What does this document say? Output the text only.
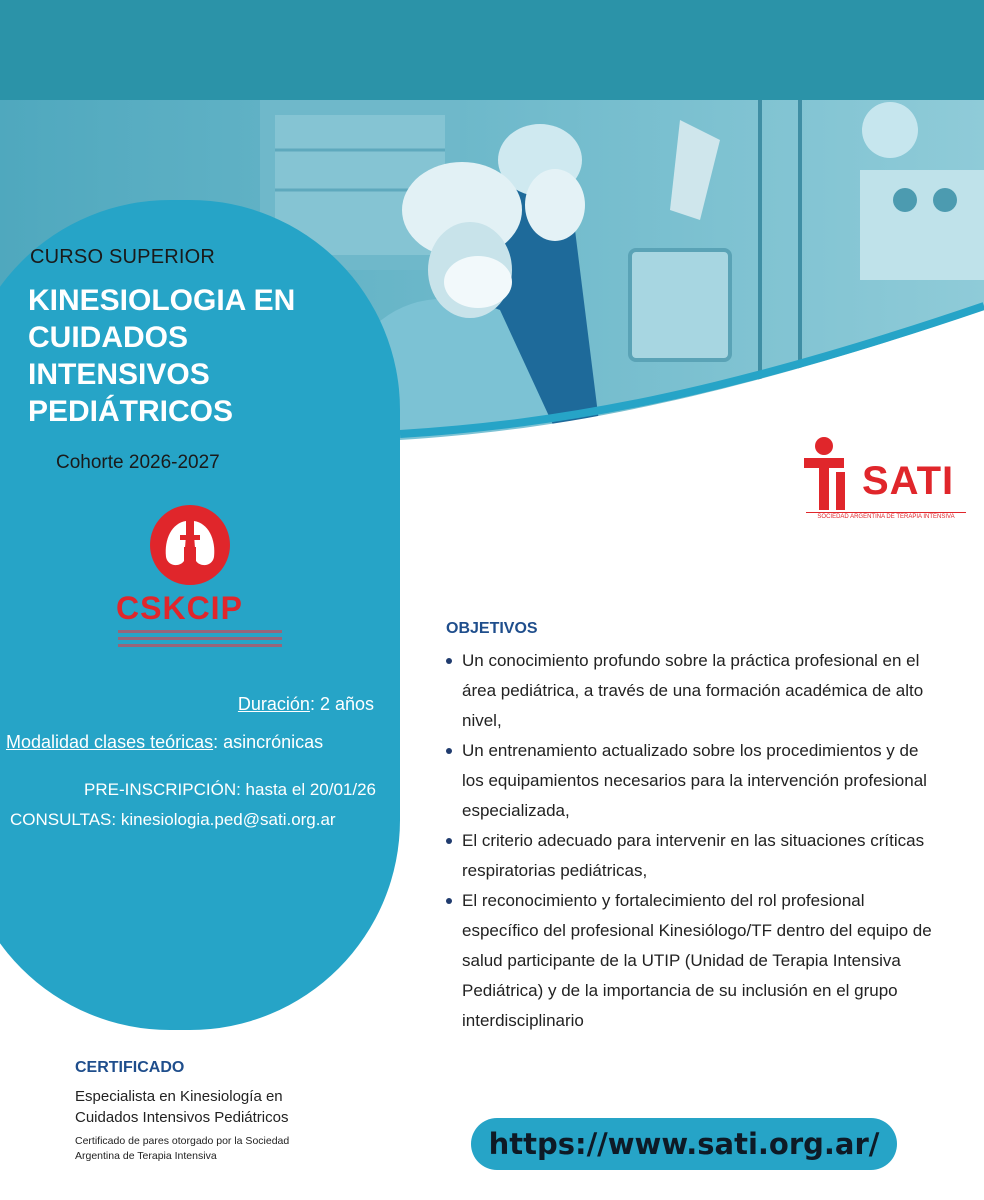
CURSO SUPERIOR
KINESIOLOGIA EN
CUIDADOS
INTENSIVOS
PEDIÁTRICOS
Cohorte 2026-2027
CSKCIP
Duración: 2 años
Modalidad clases teóricas: asincrónicas
PRE-INSCRIPCIÓN: hasta el 20/01/26
CONSULTAS: kinesiologia.ped@sati.org.ar
SATI
SOCIEDAD ARGENTINA DE TERAPIA INTENSIVA
OBJETIVOS
Un conocimiento profundo sobre la práctica profesional en el área pediátrica, a través de una formación académica de alto nivel,
Un entrenamiento actualizado sobre los procedimientos y de los equipamientos necesarios para la intervención profesional especializada,
El criterio adecuado para intervenir en las situaciones críticas respiratorias pediátricas,
El reconocimiento y fortalecimiento del rol profesional específico del profesional Kinesiólogo/TF dentro del equipo de salud participante de la UTIP (Unidad de Terapia Intensiva Pediátrica) y de la importancia de su inclusión en el grupo interdisciplinario
CERTIFICADO
Especialista en Kinesiología en Cuidados Intensivos Pediátricos
Certificado de pares otorgado por la Sociedad Argentina de Terapia Intensiva	https://www.sati.org.ar/
